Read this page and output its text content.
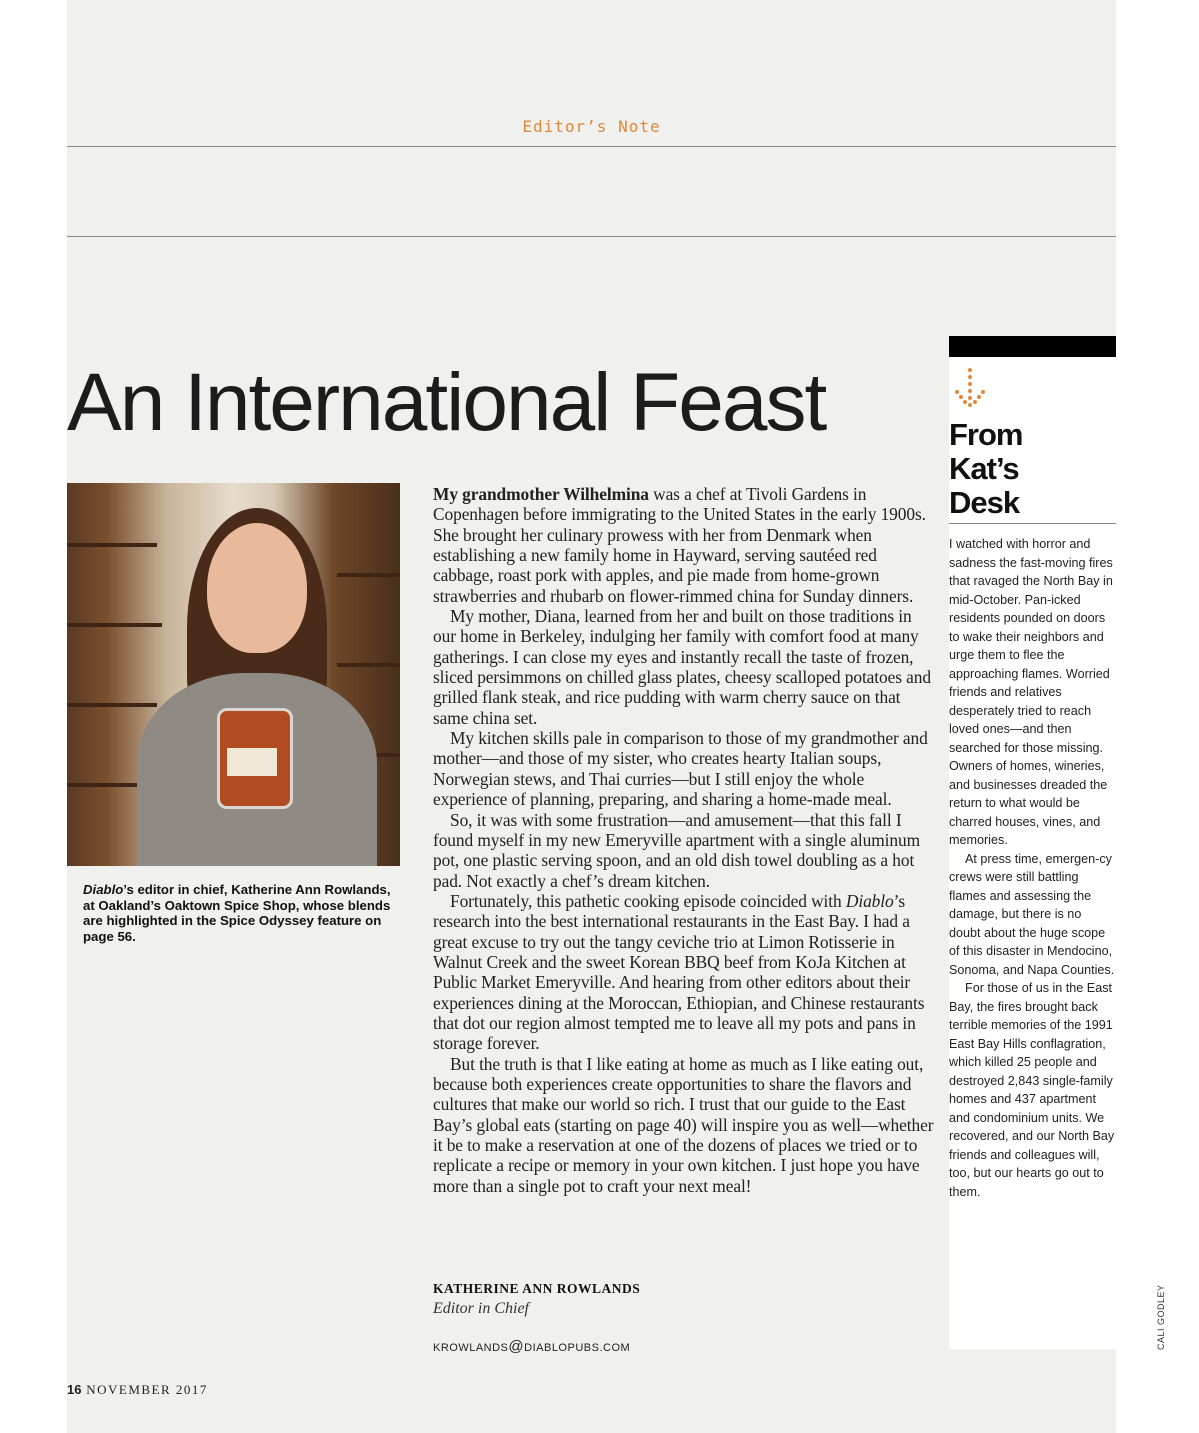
Editor’s Note
An International Feast
Diablo’s editor in chief, Katherine Ann Rowlands, at Oakland’s Oaktown Spice Shop, whose blends are highlighted in the Spice Odyssey feature on page 56.

My grandmother Wilhelmina was a chef at Tivoli Gardens in Copenhagen before immigrating to the United States in the early 1900s. She brought her culinary prowess with her from Denmark when establishing a new family home in Hayward, serving sautéed red cabbage, roast pork with apples, and pie made from home-grown strawberries and rhubarb on flower-rimmed china for Sunday dinners.

My mother, Diana, learned from her and built on those traditions in our home in Berkeley, indulging her family with comfort food at many gatherings. I can close my eyes and instantly recall the taste of frozen, sliced persimmons on chilled glass plates, cheesy scalloped potatoes and grilled flank steak, and rice pudding with warm cherry sauce on that same china set.

My kitchen skills pale in comparison to those of my grandmother and mother—and those of my sister, who creates hearty Italian soups, Norwegian stews, and Thai curries—but I still enjoy the whole experience of planning, preparing, and sharing a home-made meal.

So, it was with some frustration—and amusement—that this fall I found myself in my new Emeryville apartment with a single aluminum pot, one plastic serving spoon, and an old dish towel doubling as a hot pad. Not exactly a chef’s dream kitchen.

Fortunately, this pathetic cooking episode coincided with Diablo’s research into the best international restaurants in the East Bay. I had a great excuse to try out the tangy ceviche trio at Limon Rotisserie in Walnut Creek and the sweet Korean BBQ beef from KoJa Kitchen at Public Market Emeryville. And hearing from other editors about their experiences dining at the Moroccan, Ethiopian, and Chinese restaurants that dot our region almost tempted me to leave all my pots and pans in storage forever.

But the truth is that I like eating at home as much as I like eating out, because both experiences create opportunities to share the flavors and cultures that make our world so rich. I trust that our guide to the East Bay’s global eats (starting on page 40) will inspire you as well—whether it be to make a reservation at one of the dozens of places we tried or to replicate a recipe or memory in your own kitchen. I just hope you have more than a single pot to craft your next meal!

KATHERINE ANN ROWLANDS
Editor in Chief
KROWLANDS@DIABLOPUBS.COM
16 NOVEMBER 2017
From
Kat’s
Desk

I watched with horror and sadness the fast-moving fires that ravaged the North Bay in mid-October. Pan-icked residents pounded on doors to wake their neighbors and urge them to flee the approaching flames. Worried friends and relatives desperately tried to reach loved ones—and then searched for those missing. Owners of homes, wineries, and businesses dreaded the return to what would be charred houses, vines, and memories.

At press time, emergen-cy crews were still battling flames and assessing the damage, but there is no doubt about the huge scope of this disaster in Mendocino, Sonoma, and Napa Counties.

For those of us in the East Bay, the fires brought back terrible memories of the 1991 East Bay Hills conflagration, which killed 25 people and destroyed 2,843 single-family homes and 437 apartment and condominium units. We recovered, and our North Bay friends and colleagues will, too, but our hearts go out to them.

CALI GODLEY
